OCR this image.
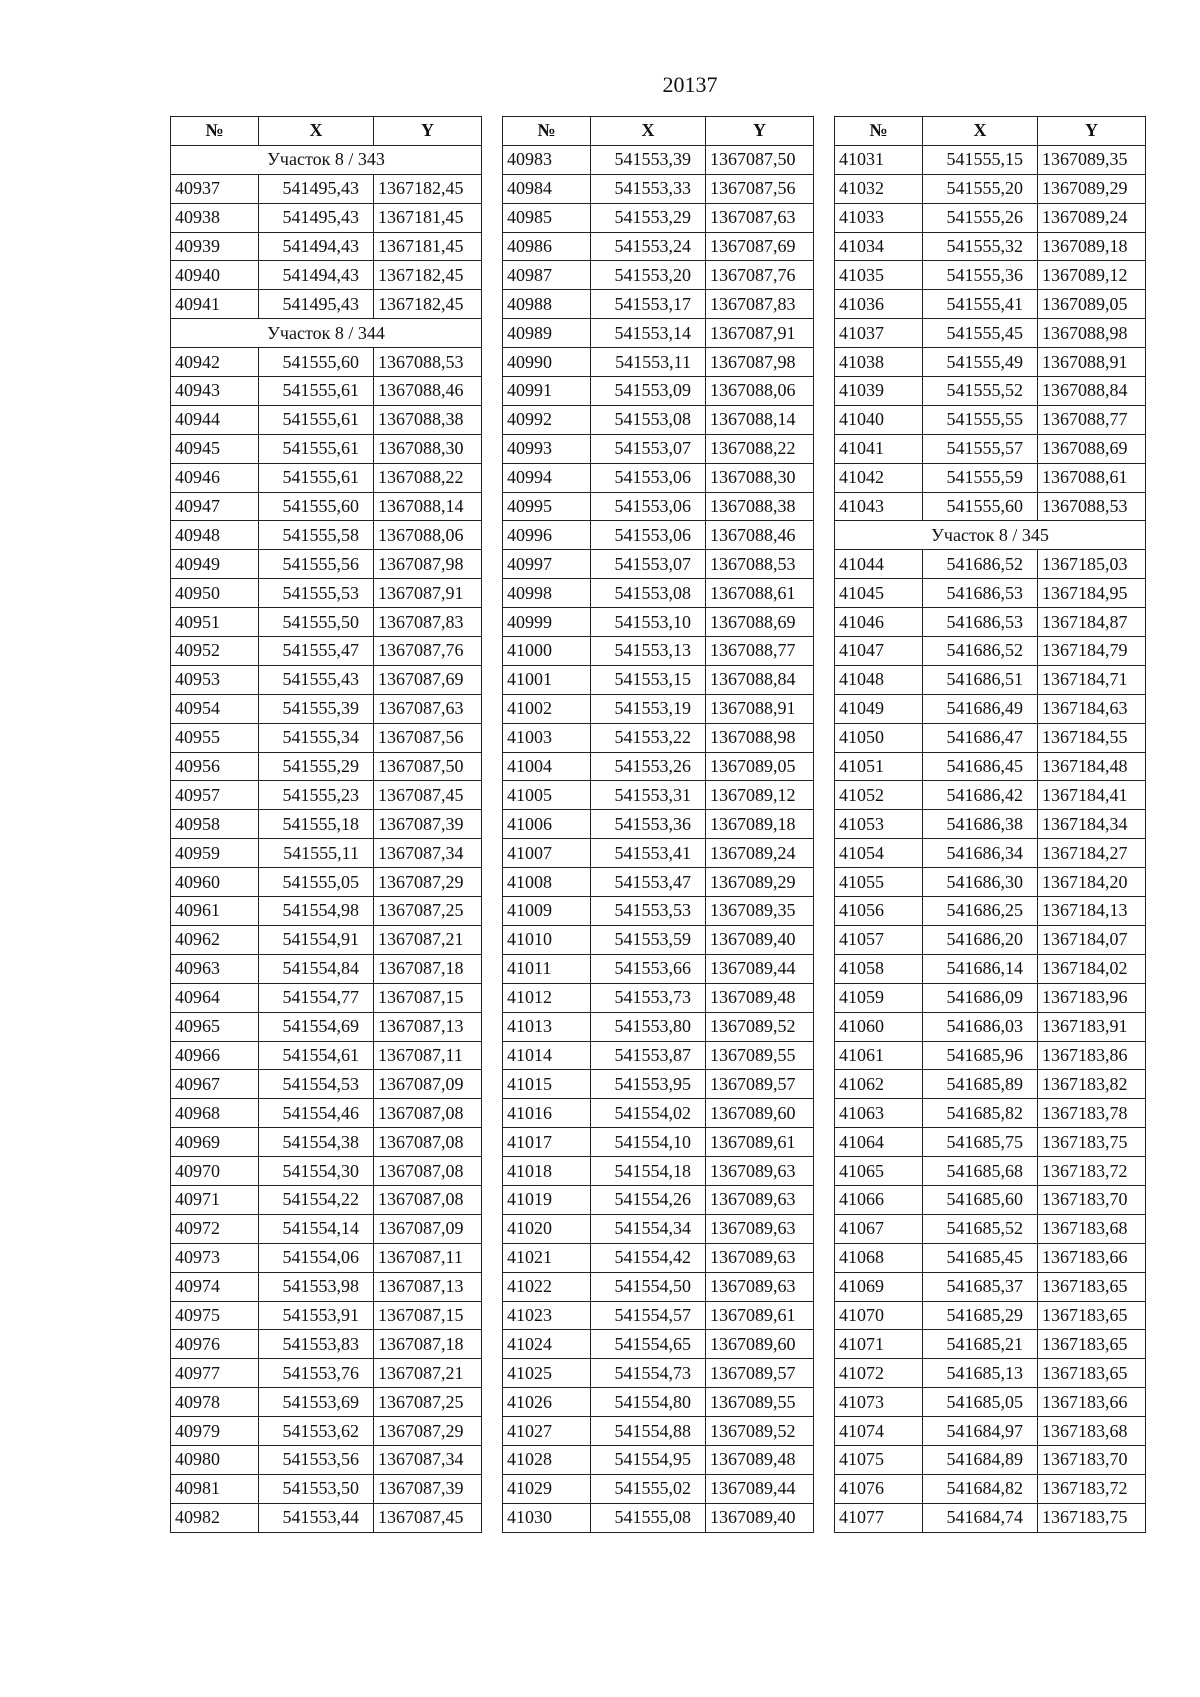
20137
№	X	Y
Участок 8 / 343		
40937	541495,43	1367182,45
40938	541495,43	1367181,45
40939	541494,43	1367181,45
40940	541494,43	1367182,45
40941	541495,43	1367182,45
Участок 8 / 344		
40942	541555,60	1367088,53
40943	541555,61	1367088,46
40944	541555,61	1367088,38
40945	541555,61	1367088,30
40946	541555,61	1367088,22
40947	541555,60	1367088,14
40948	541555,58	1367088,06
40949	541555,56	1367087,98
40950	541555,53	1367087,91
40951	541555,50	1367087,83
40952	541555,47	1367087,76
40953	541555,43	1367087,69
40954	541555,39	1367087,63
40955	541555,34	1367087,56
40956	541555,29	1367087,50
40957	541555,23	1367087,45
40958	541555,18	1367087,39
40959	541555,11	1367087,34
40960	541555,05	1367087,29
40961	541554,98	1367087,25
40962	541554,91	1367087,21
40963	541554,84	1367087,18
40964	541554,77	1367087,15
40965	541554,69	1367087,13
40966	541554,61	1367087,11
40967	541554,53	1367087,09
40968	541554,46	1367087,08
40969	541554,38	1367087,08
40970	541554,30	1367087,08
40971	541554,22	1367087,08
40972	541554,14	1367087,09
40973	541554,06	1367087,11
40974	541553,98	1367087,13
40975	541553,91	1367087,15
40976	541553,83	1367087,18
40977	541553,76	1367087,21
40978	541553,69	1367087,25
40979	541553,62	1367087,29
40980	541553,56	1367087,34
40981	541553,50	1367087,39
40982	541553,44	1367087,45
№	X	Y
40983	541553,39	1367087,50
40984	541553,33	1367087,56
40985	541553,29	1367087,63
40986	541553,24	1367087,69
40987	541553,20	1367087,76
40988	541553,17	1367087,83
40989	541553,14	1367087,91
40990	541553,11	1367087,98
40991	541553,09	1367088,06
40992	541553,08	1367088,14
40993	541553,07	1367088,22
40994	541553,06	1367088,30
40995	541553,06	1367088,38
40996	541553,06	1367088,46
40997	541553,07	1367088,53
40998	541553,08	1367088,61
40999	541553,10	1367088,69
41000	541553,13	1367088,77
41001	541553,15	1367088,84
41002	541553,19	1367088,91
41003	541553,22	1367088,98
41004	541553,26	1367089,05
41005	541553,31	1367089,12
41006	541553,36	1367089,18
41007	541553,41	1367089,24
41008	541553,47	1367089,29
41009	541553,53	1367089,35
41010	541553,59	1367089,40
41011	541553,66	1367089,44
41012	541553,73	1367089,48
41013	541553,80	1367089,52
41014	541553,87	1367089,55
41015	541553,95	1367089,57
41016	541554,02	1367089,60
41017	541554,10	1367089,61
41018	541554,18	1367089,63
41019	541554,26	1367089,63
41020	541554,34	1367089,63
41021	541554,42	1367089,63
41022	541554,50	1367089,63
41023	541554,57	1367089,61
41024	541554,65	1367089,60
41025	541554,73	1367089,57
41026	541554,80	1367089,55
41027	541554,88	1367089,52
41028	541554,95	1367089,48
41029	541555,02	1367089,44
41030	541555,08	1367089,40
№	X	Y
41031	541555,15	1367089,35
41032	541555,20	1367089,29
41033	541555,26	1367089,24
41034	541555,32	1367089,18
41035	541555,36	1367089,12
41036	541555,41	1367089,05
41037	541555,45	1367088,98
41038	541555,49	1367088,91
41039	541555,52	1367088,84
41040	541555,55	1367088,77
41041	541555,57	1367088,69
41042	541555,59	1367088,61
41043	541555,60	1367088,53
Участок 8 / 345		
41044	541686,52	1367185,03
41045	541686,53	1367184,95
41046	541686,53	1367184,87
41047	541686,52	1367184,79
41048	541686,51	1367184,71
41049	541686,49	1367184,63
41050	541686,47	1367184,55
41051	541686,45	1367184,48
41052	541686,42	1367184,41
41053	541686,38	1367184,34
41054	541686,34	1367184,27
41055	541686,30	1367184,20
41056	541686,25	1367184,13
41057	541686,20	1367184,07
41058	541686,14	1367184,02
41059	541686,09	1367183,96
41060	541686,03	1367183,91
41061	541685,96	1367183,86
41062	541685,89	1367183,82
41063	541685,82	1367183,78
41064	541685,75	1367183,75
41065	541685,68	1367183,72
41066	541685,60	1367183,70
41067	541685,52	1367183,68
41068	541685,45	1367183,66
41069	541685,37	1367183,65
41070	541685,29	1367183,65
41071	541685,21	1367183,65
41072	541685,13	1367183,65
41073	541685,05	1367183,66
41074	541684,97	1367183,68
41075	541684,89	1367183,70
41076	541684,82	1367183,72
41077	541684,74	1367183,75
